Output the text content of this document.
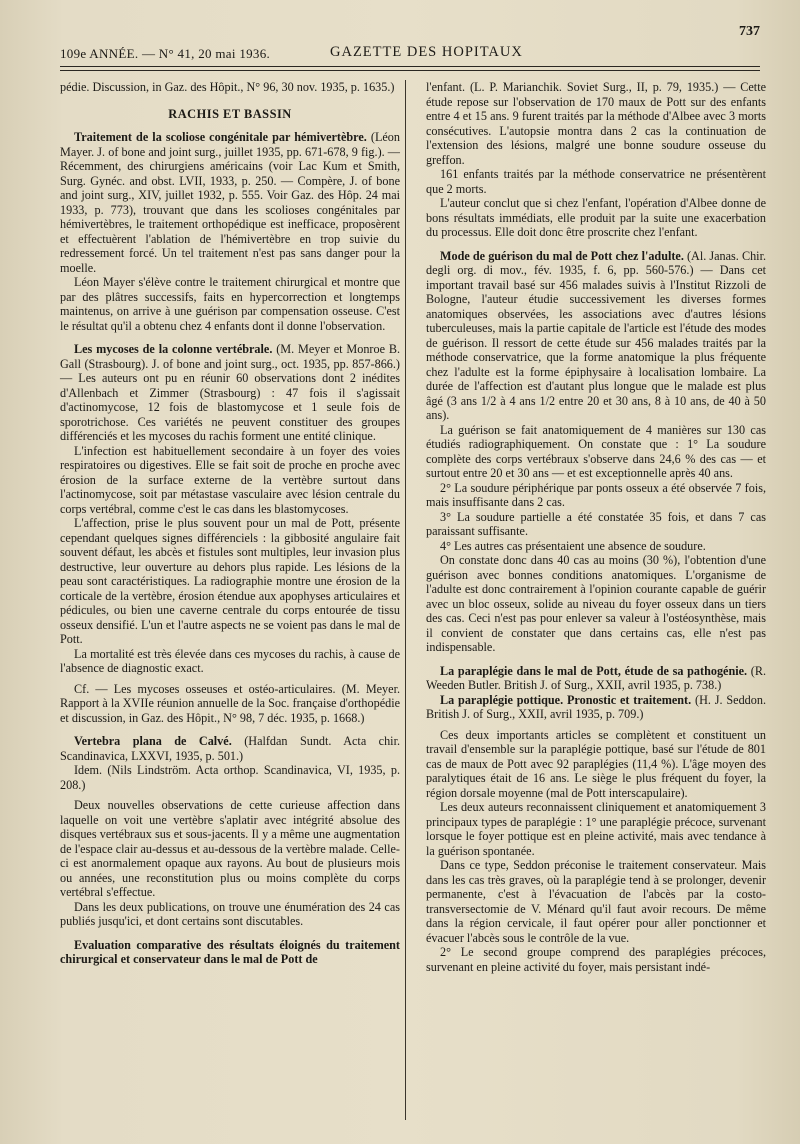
109e ANNÉE. — N° 41, 20 mai 1936.	GAZETTE DES HOPITAUX
737

pédie. Discussion, in Gaz. des Hôpit., N° 96, 30 nov. 1935, p. 1635.)

RACHIS ET BASSIN

Traitement de la scoliose congénitale par hémivertèbre. (Léon Mayer. J. of bone and joint surg., juillet 1935, pp. 671-678, 9 fig.). — Récemment, des chirurgiens américains (voir Lac Kum et Smith, Surg. Gynéc. and obst. LVII, 1933, p. 250. — Compère, J. of bone and joint surg., XIV, juillet 1932, p. 555. Voir Gaz. des Hôp. 24 mai 1933, p. 773), trouvant que dans les scolioses congénitales par hémivertèbres, le traitement orthopédique est inefficace, proposèrent et effectuèrent l'ablation de l'hémivertèbre en trop suivie du redressement forcé. Un tel traitement n'est pas sans danger pour la moelle.

Léon Mayer s'élève contre le traitement chirurgical et montre que par des plâtres successifs, faits en hypercorrection et longtemps maintenus, on arrive à une guérison par compensation osseuse. C'est le résultat qu'il a obtenu chez 4 enfants dont il donne l'observation.

Les mycoses de la colonne vertébrale. (M. Meyer et Monroe B. Gall (Strasbourg). J. of bone and joint surg., oct. 1935, pp. 857-866.) — Les auteurs ont pu en réunir 60 observations dont 2 inédites d'Allenbach et Zimmer (Strasbourg) : 47 fois il s'agissait d'actinomycose, 12 fois de blastomycose et 1 seule fois de sporotrichose. Ces variétés ne peuvent constituer des groupes différenciés et les mycoses du rachis forment une entité clinique.

L'infection est habituellement secondaire à un foyer des voies respiratoires ou digestives. Elle se fait soit de proche en proche avec érosion de la surface externe de la vertèbre surtout dans l'actinomycose, soit par métastase vasculaire avec lésion centrale du corps vertébral, comme c'est le cas dans les blastomycoses.

L'affection, prise le plus souvent pour un mal de Pott, présente cependant quelques signes différenciels : la gibbosité angulaire fait souvent défaut, les abcès et fistules sont multiples, leur invasion plus destructive, leur ouverture au dehors plus rapide. Les lésions de la peau sont caractéristiques. La radiographie montre une érosion de la corticale de la vertèbre, érosion étendue aux apophyses articulaires et pédicules, ou bien une caverne centrale du corps entourée de tissu osseux densifié. L'un et l'autre aspects ne se voient pas dans le mal de Pott.

La mortalité est très élevée dans ces mycoses du rachis, à cause de l'absence de diagnostic exact.

Cf. — Les mycoses osseuses et ostéo-articulaires. (M. Meyer. Rapport à la XVIIe réunion annuelle de la Soc. française d'orthopédie et discussion, in Gaz. des Hôpit., N° 98, 7 déc. 1935, p. 1668.)

Vertebra plana de Calvé. (Halfdan Sundt. Acta chir. Scandinavica, LXXVI, 1935, p. 501.)

Idem. (Nils Lindström. Acta orthop. Scandinavica, VI, 1935, p. 208.)

Deux nouvelles observations de cette curieuse affection dans laquelle on voit une vertèbre s'aplatir avec intégrité absolue des disques vertébraux sus et sous-jacents. Il y a même une augmentation de l'espace clair au-dessus et au-dessous de la vertèbre malade. Celle-ci est anormalement opaque aux rayons. Au bout de plusieurs mois ou années, une reconstitution plus ou moins complète du corps vertébral s'effectue.

Dans les deux publications, on trouve une énumération des 24 cas publiés jusqu'ici, et dont certains sont discutables.

Evaluation comparative des résultats éloignés du traitement chirurgical et conservateur dans le mal de Pott de

l'enfant. (L. P. Marianchik. Soviet Surg., II, p. 79, 1935.) — Cette étude repose sur l'observation de 170 maux de Pott sur des enfants entre 4 et 15 ans. 9 furent traités par la méthode d'Albee avec 3 morts consécutives. L'autopsie montra dans 2 cas la continuation de l'extension des lésions, malgré une bonne soudure osseuse du greffon.

161 enfants traités par la méthode conservatrice ne présentèrent que 2 morts.

L'auteur conclut que si chez l'enfant, l'opération d'Albee donne de bons résultats immédiats, elle produit par la suite une exacerbation du processus. Elle doit donc être proscrite chez l'enfant.

Mode de guérison du mal de Pott chez l'adulte. (Al. Janas. Chir. degli org. di mov., fév. 1935, f. 6, pp. 560-576.) — Dans cet important travail basé sur 456 malades suivis à l'Institut Rizzoli de Bologne, l'auteur étudie successivement les diverses formes anatomiques observées, les associations avec d'autres lésions tuberculeuses, mais la partie capitale de l'article est l'étude des modes de guérison. Il ressort de cette étude sur 456 malades traités par la méthode conservatrice, que la forme anatomique la plus fréquente chez l'adulte est la forme épiphysaire à localisation lombaire. La durée de l'affection est d'autant plus longue que le malade est plus âgé (3 ans 1/2 à 4 ans 1/2 entre 20 et 30 ans, 8 à 10 ans, de 40 à 50 ans).

La guérison se fait anatomiquement de 4 manières sur 130 cas étudiés radiographiquement. On constate que : 1° La soudure complète des corps vertébraux s'observe dans 24,6 % des cas — et surtout entre 20 et 30 ans — et est exceptionnelle après 40 ans.

2° La soudure périphérique par ponts osseux a été observée 7 fois, mais insuffisante dans 2 cas.

3° La soudure partielle a été constatée 35 fois, et dans 7 cas paraissant suffisante.

4° Les autres cas présentaient une absence de soudure.

On constate donc dans 40 cas au moins (30 %), l'obtention d'une guérison avec bonnes conditions anatomiques. L'organisme de l'adulte est donc contrairement à l'opinion courante capable de guérir avec un bloc osseux, solide au niveau du foyer osseux dans un tiers des cas. Ceci n'est pas pour enlever sa valeur à l'ostéosynthèse, mais il convient de constater que dans certains cas, elle n'est pas indispensable.

La paraplégie dans le mal de Pott, étude de sa pathogénie. (R. Weeden Butler. British J. of Surg., XXII, avril 1935, p. 738.)

La paraplégie pottique. Pronostic et traitement. (H. J. Seddon. British J. of Surg., XXII, avril 1935, p. 709.)

Ces deux importants articles se complètent et constituent un travail d'ensemble sur la paraplégie pottique, basé sur l'étude de 801 cas de maux de Pott avec 92 paraplégies (11,4 %). L'âge moyen des paralytiques était de 16 ans. Le siège le plus fréquent du foyer, la région dorsale moyenne (mal de Pott interscapulaire).

Les deux auteurs reconnaissent cliniquement et anatomiquement 3 principaux types de paraplégie : 1° une paraplégie précoce, survenant lorsque le foyer pottique est en pleine activité, mais avec tendance à la guérison spontanée.

Dans ce type, Seddon préconise le traitement conservateur. Mais dans les cas très graves, où la paraplégie tend à se prolonger, devenir permanente, c'est à l'évacuation de l'abcès par la costo-transversectomie de V. Ménard qu'il faut avoir recours. De même dans la région cervicale, il faut opérer pour aller ponctionner et évacuer l'abcès sous le contrôle de la vue.

2° Le second groupe comprend des paraplégies précoces, survenant en pleine activité du foyer, mais persistant indé-
